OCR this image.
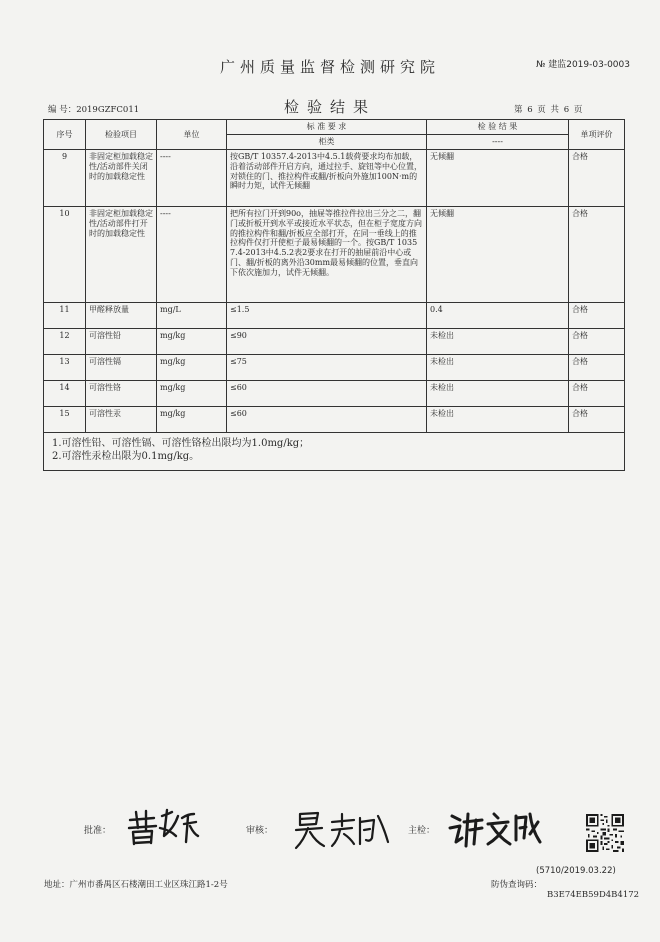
广州质量监督检测研究院	№ 建监2019-03-0003
检验结果
编 号：2019GZFC011	第 6 页 共 6 页
序号	检验项目	单位	标 准 要 求	检 验 结 果	单项评价
			柜类	----	
9	非固定柜加载稳定性/活动部件关闭时的加载稳定性	----	按GB/T 10357.4-2013中4.5.1载荷要求均布加载，沿着活动部件开启方向，通过拉手、旋钮等中心位置，对锁住的门、推拉构件或翻/折板向外施加100N·m的瞬时力矩，试件无倾翻	无倾翻	合格
10	非固定柜加载稳定性/活动部件打开时的加载稳定性	----	把所有拉门开到90o，抽屉等推拉件拉出三分之二，翻门或折板开到水平或接近水平状态，但在柜子宽度方向的推拉构件和翻/折板应全部打开，在同一垂线上的推拉构件仅打开使柜子最易倾翻的一个。按GB/T 10357.4-2013中4.5.2表2要求在打开的抽屉前沿中心或门、翻/折板的离外沿30mm最易倾翻的位置，垂直向下依次施加力，试件无倾翻。	无倾翻	合格
11	甲醛释放量	mg/L	≤1.5	0.4	合格
12	可溶性铅	mg/kg	≤90	未检出	合格
13	可溶性镉	mg/kg	≤75	未检出	合格
14	可溶性铬	mg/kg	≤60	未检出	合格
15	可溶性汞	mg/kg	≤60	未检出	合格

1.可溶性铅、可溶性镉、可溶性铬检出限均为1.0mg/kg；
2.可溶性汞检出限为0.1mg/kg。					
批准：	审核：	主检：
(5710/2019.03.22)
地址：广州市番禺区石楼潮田工业区珠江路1-2号	防伪查询码：
B3E74EB59D4B4172
